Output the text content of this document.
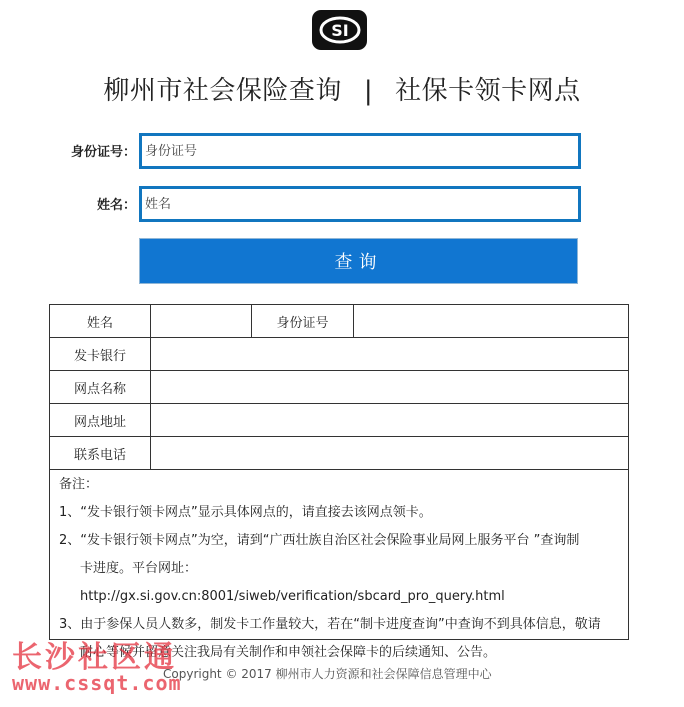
SI
柳州市社会保险查询 | 社保卡领卡网点
身份证号：
身份证号
姓名：
姓名
查询
姓名		身份证号	
发卡银行			
网点名称			
网点地址			
联系电话			
备注：
1、“发卡银行领卡网点”显示具体网点的，请直接去该网点领卡。
2、“发卡银行领卡网点”为空，请到“广西壮族自治区社会保险事业局网上服务平台 ”查询制
卡进度。平台网址：http://gx.si.gov.cn:8001/siweb/verification/sbcard_pro_query.html
3、由于参保人员人数多，制发卡工作量较大，若在“制卡进度查询”中查询不到具体信息，敬请
耐心等候并留意关注我局有关制作和申领社会保障卡的后续通知、公告。
Copyright © 2017 柳州市人力资源和社会保障信息管理中心
长沙社区通
www.cssqt.com
